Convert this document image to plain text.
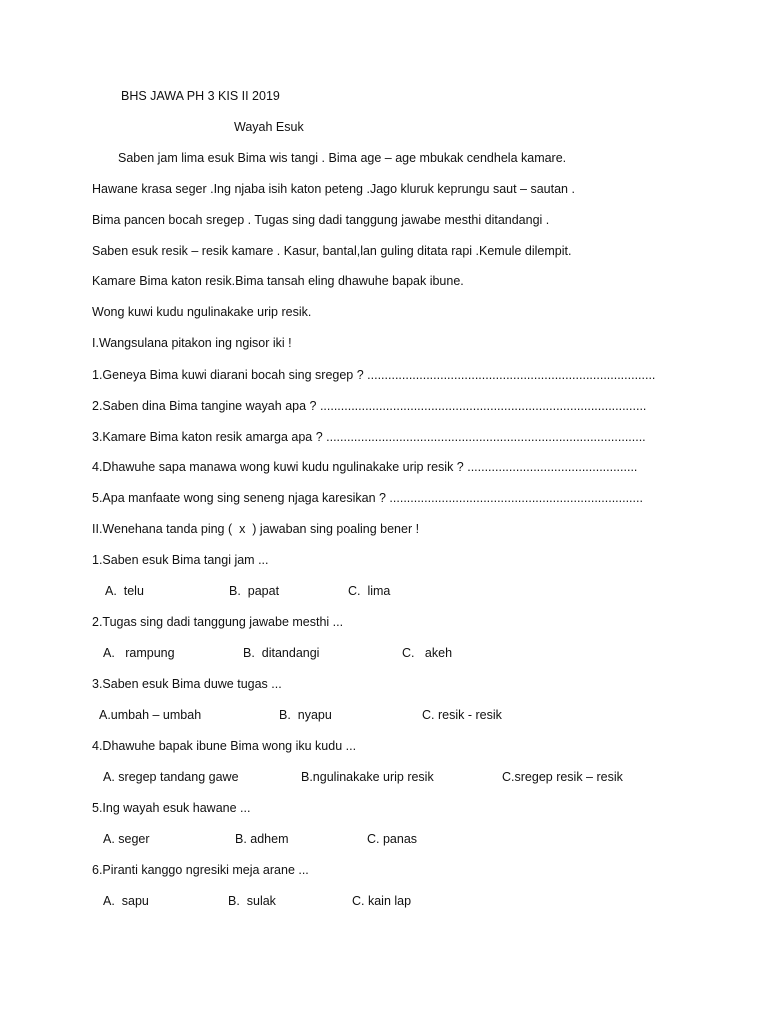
BHS JAWA PH 3 KIS II 2019
Wayah Esuk
Saben jam lima esuk Bima wis tangi . Bima age – age mbukak cendhela kamare.
Hawane krasa seger .Ing njaba isih katon peteng .Jago kluruk keprungu saut – sautan .
Bima pancen bocah sregep . Tugas sing dadi tanggung jawabe mesthi ditandangi .
Saben esuk resik – resik kamare . Kasur, bantal,lan guling ditata rapi .Kemule dilempit.
Kamare Bima katon resik.Bima tansah eling dhawuhe bapak ibune.
Wong kuwi kudu ngulinakake urip resik.
I.Wangsulana pitakon ing ngisor iki !
1.Geneya Bima kuwi diarani bocah sing sregep ? ...................................................................................
2.Saben dina Bima tangine wayah apa ? ..............................................................................................
3.Kamare Bima katon resik amarga apa ? ............................................................................................
4.Dhawuhe sapa manawa wong kuwi kudu ngulinakake urip resik ? .................................................
5.Apa manfaate wong sing seneng njaga karesikan ? .........................................................................
II.Wenehana tanda ping (  x  ) jawaban sing poaling bener !
1.Saben esuk Bima tangi jam ...
A.  telu	B.  papat	C.  lima
2.Tugas sing dadi tanggung jawabe mesthi ...
A.   rampung	B.  ditandangi	C.   akeh
3.Saben esuk Bima duwe tugas ...
A.umbah – umbah	B.  nyapu	C. resik - resik
4.Dhawuhe bapak ibune Bima wong iku kudu ...
A. sregep tandang gawe	B.ngulinakake urip resik	C.sregep resik – resik
5.Ing wayah esuk hawane ...
A. seger	B. adhem	C. panas
6.Piranti kanggo ngresiki meja arane ...
A.  sapu	B.  sulak	C. kain lap
